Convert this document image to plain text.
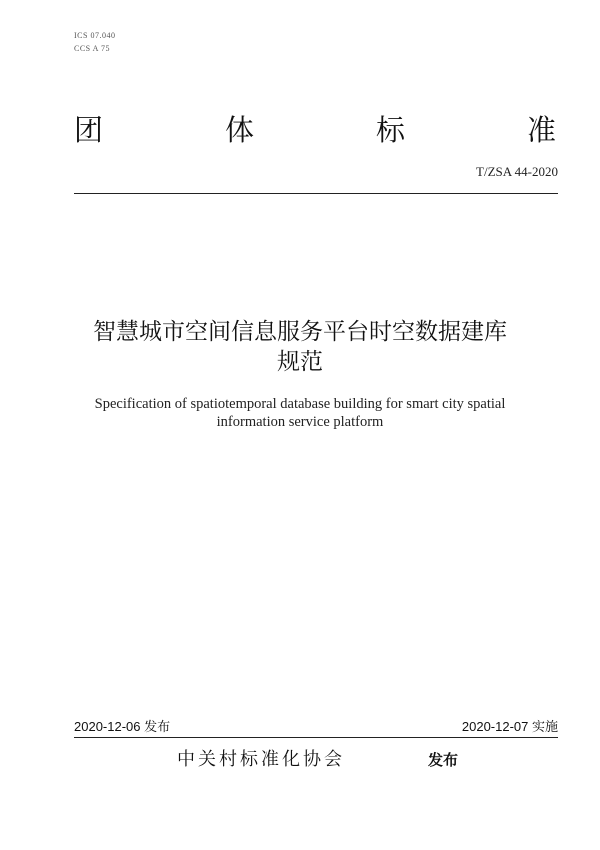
ICS 07.040
CCS A 75
团	体	标	准
T/ZSA 44-2020
智慧城市空间信息服务平台时空数据建库
规范
Specification of spatiotemporal database building for smart city spatial
information service platform
2020-12-06 发布	2020-12-07 实施
中关村标准化协会	发布
